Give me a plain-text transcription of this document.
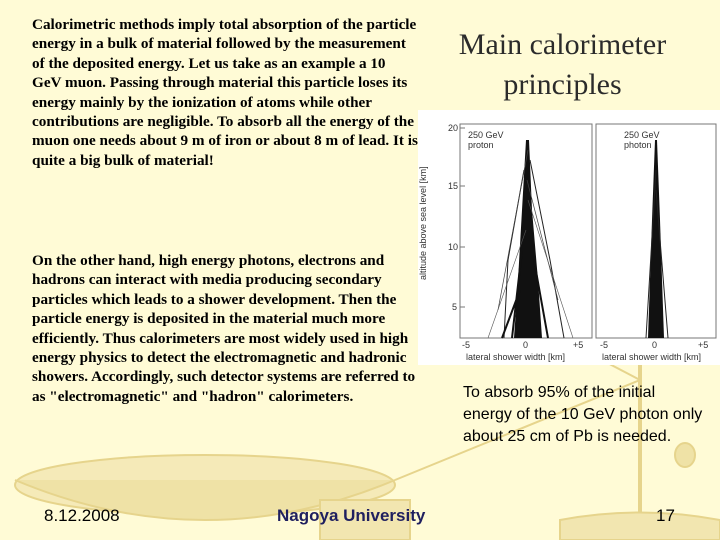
Calorimetric methods imply total absorption of the particle energy in a bulk of material followed by the measurement of the deposited energy. Let us take as an example a 10 GeV muon. Passing through material this particle loses its energy mainly by the ionization of atoms while other contributions are negligible. To absorb all the energy of the muon one needs about 9 m of iron or about 8 m of lead. It is quite a big bulk of material!
On the other hand, high energy photons, electrons and hadrons can interact with media producing secondary particles which leads to a shower development. Then the particle energy is deposited in the material much more efficiently. Thus calorimeters are most widely used in high energy physics to detect the electromagnetic and hadronic showers. Accordingly, such detector systems are referred to as "electromagnetic" and "hadron" calorimeters.
Main calorimeter
principles
20
15
10
5
altitude above sea level [km]
250 GeV
proton
250 GeV
photon
-5	0	+5
lateral shower width [km]
-5	0	+5
lateral shower width [km]
To absorb 95% of the initial energy of the 10 GeV photon only about 25 cm of Pb is needed.
8.12.2008	Nagoya University	17
